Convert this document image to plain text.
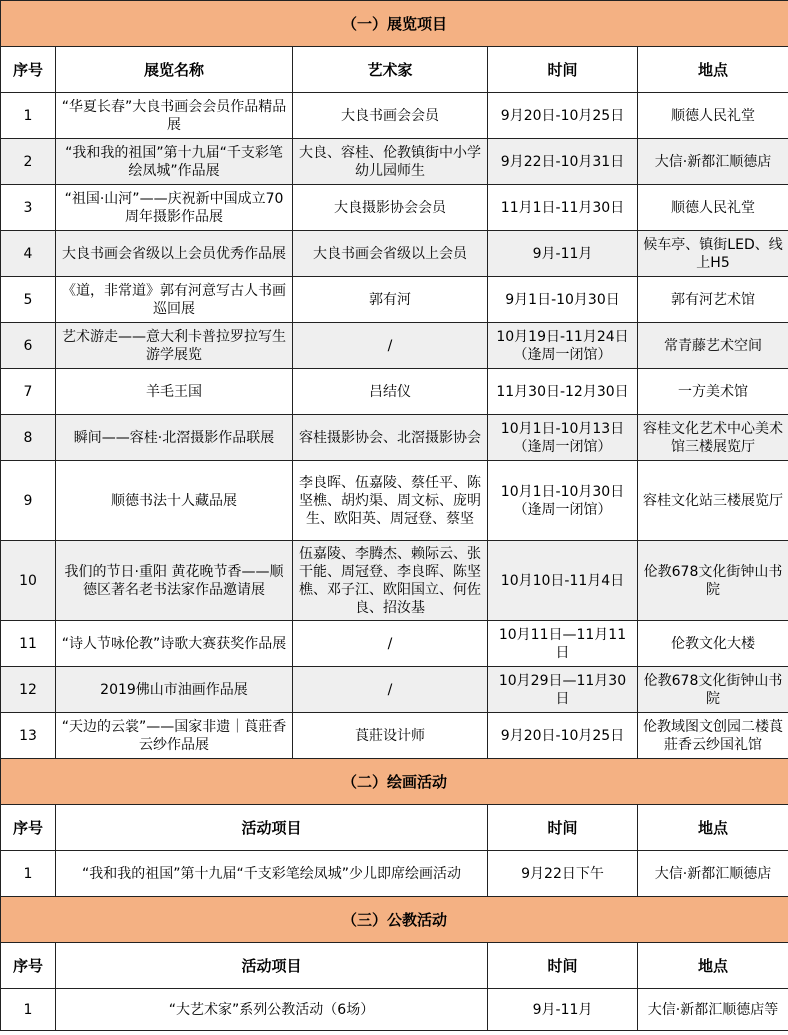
（一）展览项目				
序号	展览名称	艺术家	时间	地点
1	“华夏长春”大良书画会会员作品精品展	大良书画会会员	9月20日-10月25日	顺德人民礼堂
2	“我和我的祖国”第十九届“千支彩笔绘凤城”作品展	大良、容桂、伦教镇街中小学幼儿园师生	9月22日-10月31日	大信·新都汇顺德店
3	“祖国·山河”——庆祝新中国成立70周年摄影作品展	大良摄影协会会员	11月1日-11月30日	顺德人民礼堂
4	大良书画会省级以上会员优秀作品展	大良书画会省级以上会员	9月-11月	候车亭、镇街LED、线上H5
5	《道，非常道》郭有河意写古人书画巡回展	郭有河	9月1日-10月30日	郭有河艺术馆
6	艺术游走——意大利卡普拉罗拉写生游学展览	/	10月19日-11月24日（逢周一闭馆）	常青藤艺术空间
7	羊毛王国	吕结仪	11月30日-12月30日	一方美术馆
8	瞬间——容桂·北滘摄影作品联展	容桂摄影协会、北滘摄影协会	10月1日-10月13日（逢周一闭馆）	容桂文化艺术中心美术馆三楼展览厅
9	顺德书法十人藏品展	李良晖、伍嘉陵、蔡任平、陈坚樵、胡灼渠、周文标、庞明生、欧阳英、周冠登、蔡坚	10月1日-10月30日（逢周一闭馆）	容桂文化站三楼展览厅
10	我们的节日·重阳 黄花晚节香——顺德区著名老书法家作品邀请展	伍嘉陵、李腾杰、赖际云、张干能、周冠登、李良晖、陈坚樵、邓子江、欧阳国立、何佐良、招汝基	10月10日-11月4日	伦教678文化街钟山书院
11	“诗人节咏伦教”诗歌大赛获奖作品展	/	10月11日—11月11日	伦教文化大楼
12	2019佛山市油画作品展	/	10月29日—11月30日	伦教678文化街钟山书院
13	“天边的云裳”——国家非遗｜莨莊香云纱作品展	莨莊设计师	9月20日-10月25日	伦教域图文创园二楼莨莊香云纱国礼馆
（二）绘画活动				
序号	活动项目		时间	地点
1	“我和我的祖国”第十九届“千支彩笔绘凤城”少儿即席绘画活动		9月22日下午	大信·新都汇顺德店
（三）公教活动				
序号	活动项目		时间	地点
1	“大艺术家”系列公教活动（6场）		9月-11月	大信·新都汇顺德店等
